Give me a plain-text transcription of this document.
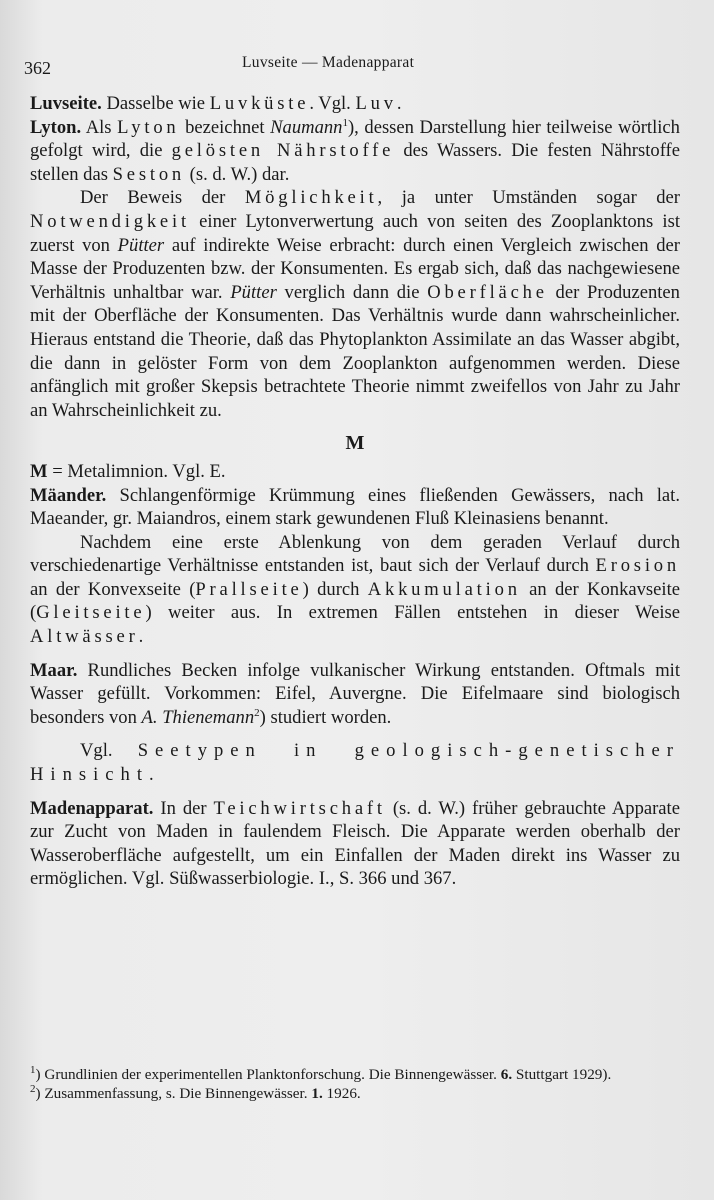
362	Luvseite — Madenapparat

Luvseite. Dasselbe wie Luvküste. Vgl. Luv.

Lyton. Als Lyton bezeichnet Naumann$^1$), dessen Darstellung hier teilweise wörtlich gefolgt wird, die gelösten Nährstoffe des Wassers. Die festen Nährstoffe stellen das Seston (s. d. W.) dar.

Der Beweis der Möglichkeit, ja unter Umständen sogar der Notwendigkeit einer Lytonverwertung auch von seiten des Zooplanktons ist zuerst von Pütter auf indirekte Weise erbracht: durch einen Vergleich zwischen der Masse der Produzenten bzw. der Konsumenten. Es ergab sich, daß das nachgewiesene Verhältnis unhaltbar war. Pütter verglich dann die Oberfläche der Produzenten mit der Oberfläche der Konsumenten. Das Verhältnis wurde dann wahrscheinlicher. Hieraus entstand die Theorie, daß das Phytoplankton Assimilate an das Wasser abgibt, die dann in gelöster Form von dem Zooplankton aufgenommen werden. Diese anfänglich mit großer Skepsis betrachtete Theorie nimmt zweifellos von Jahr zu Jahr an Wahrscheinlichkeit zu.

M

M = Metalimnion. Vgl. E.

Mäander. Schlangenförmige Krümmung eines fließenden Gewässers, nach lat. Maeander, gr. Maiandros, einem stark gewundenen Fluß Kleinasiens benannt.

Nachdem eine erste Ablenkung von dem geraden Verlauf durch verschiedenartige Verhältnisse entstanden ist, baut sich der Verlauf durch Erosion an der Konvexseite (Prallseite) durch Akkumulation an der Konkavseite (Gleitseite) weiter aus. In extremen Fällen entstehen in dieser Weise Altwässer.

Maar. Rundliches Becken infolge vulkanischer Wirkung entstanden. Oftmals mit Wasser gefüllt. Vorkommen: Eifel, Auvergne. Die Eifelmaare sind biologisch besonders von A. Thienemann$^2$) studiert worden.

Vgl. Seetypen in geologisch-genetischer Hinsicht.

Madenapparat. In der Teichwirtschaft (s. d. W.) früher gebrauchte Apparate zur Zucht von Maden in faulendem Fleisch. Die Apparate werden oberhalb der Wasseroberfläche aufgestellt, um ein Einfallen der Maden direkt ins Wasser zu ermöglichen. Vgl. Süßwasserbiologie. I., S. 366 und 367.

$^1$) Grundlinien der experimentellen Planktonforschung. Die Binnengewässer. 6. Stuttgart 1929).

$^2$) Zusammenfassung, s. Die Binnengewässer. 1. 1926.
